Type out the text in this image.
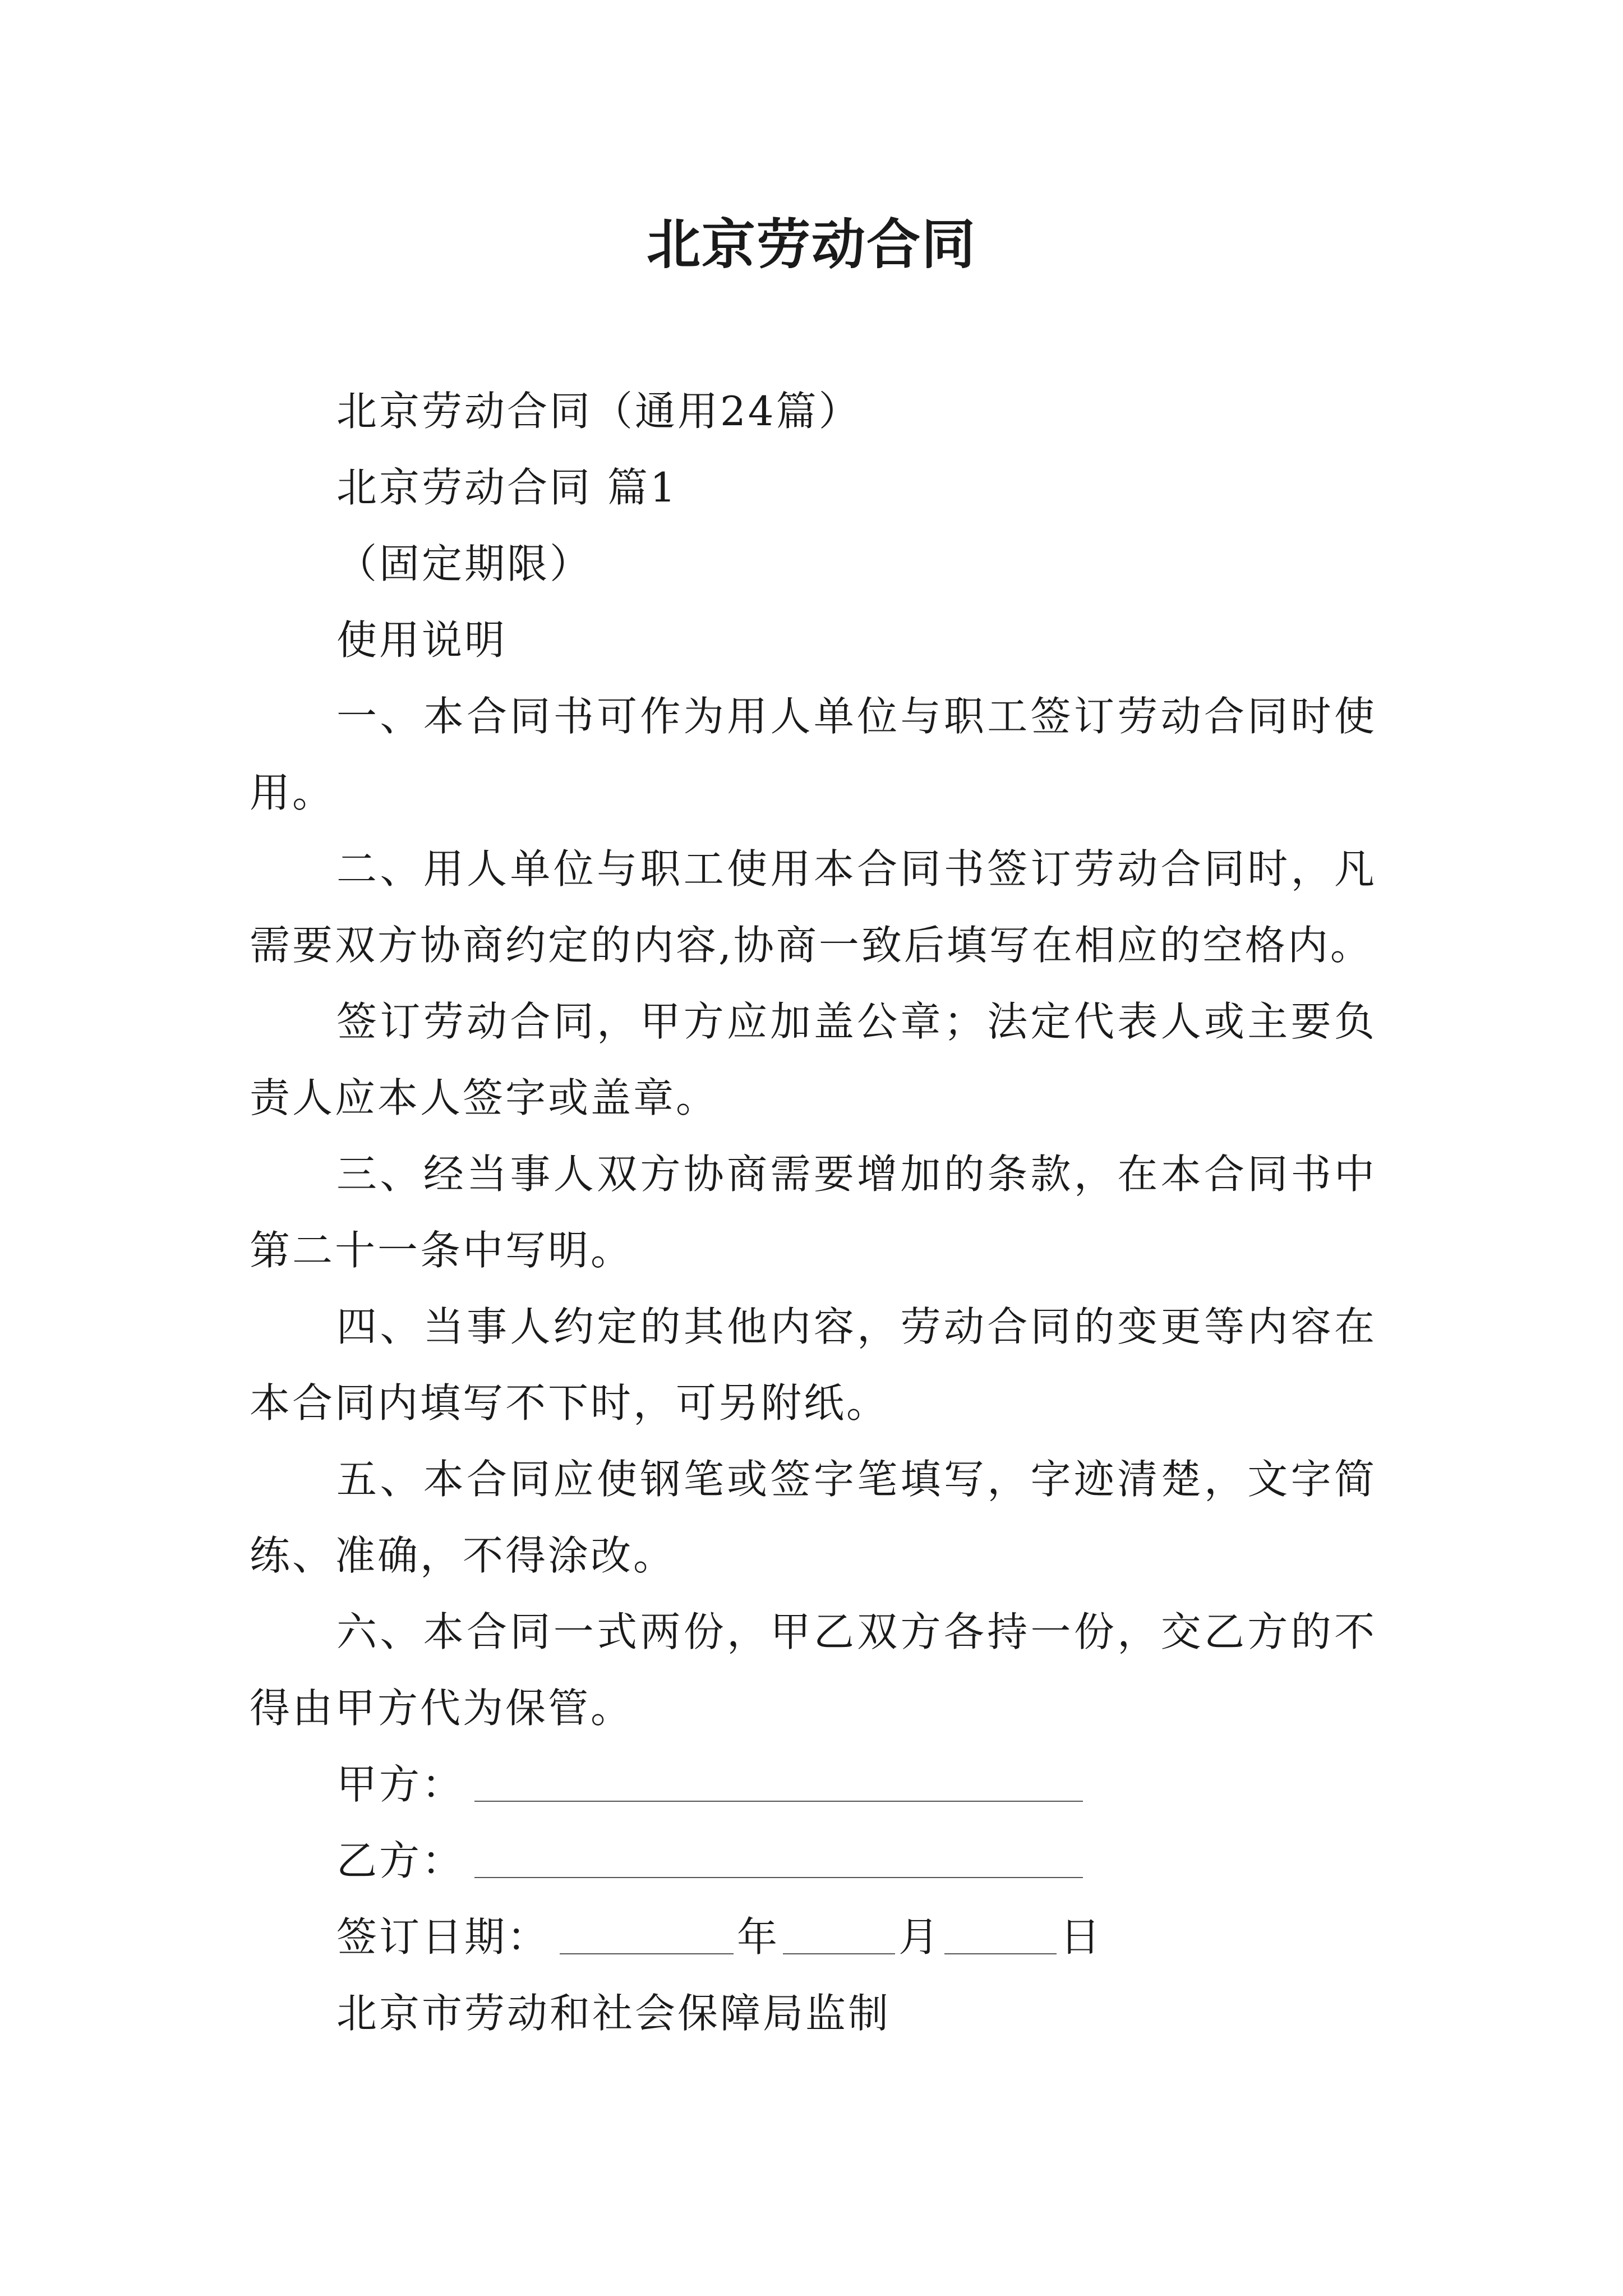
北京劳动合同

北京劳动合同（通用24篇）

北京劳动合同 篇1

（固定期限）

使用说明

一、本合同书可作为用人单位与职工签订劳动合同时使用。

二、用人单位与职工使用本合同书签订劳动合同时，凡需要双方协商约定的内容,协商一致后填写在相应的空格内。

签订劳动合同，甲方应加盖公章；法定代表人或主要负责人应本人签字或盖章。

三、经当事人双方协商需要增加的条款，在本合同书中第二十一条中写明。

四、当事人约定的其他内容，劳动合同的变更等内容在本合同内填写不下时，可另附纸。

五、本合同应使钢笔或签字笔填写，字迹清楚，文字简练、准确，不得涂改。

六、本合同一式两份，甲乙双方各持一份，交乙方的不得由甲方代为保管。

甲方：

乙方：

签订日期：	年	月	日

北京市劳动和社会保障局监制
